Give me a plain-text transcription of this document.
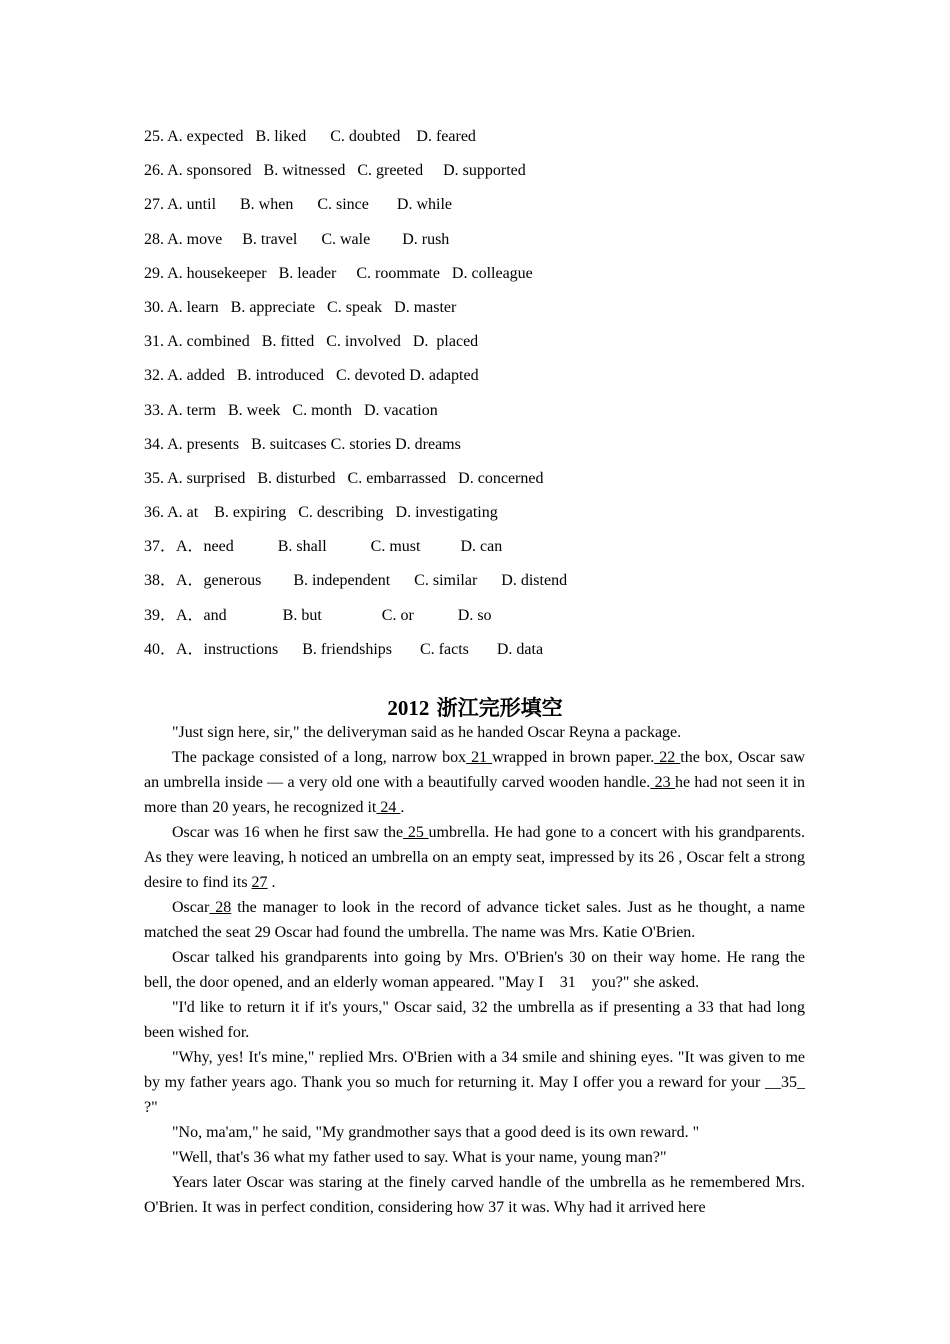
25. A. expected   B. liked      C. doubted    D. feared
26. A. sponsored   B. witnessed   C. greeted     D. supported
27. A. until      B. when      C. since       D. while
28. A. move     B. travel      C. wale        D. rush
29. A. housekeeper   B. leader     C. roommate   D. colleague
30. A. learn   B. appreciate   C. speak   D. master
31. A. combined   B. fitted   C. involved   D.  placed
32. A. added   B. introduced   C. devoted D. adapted
33. A. term   B. week   C. month   D. vacation
34. A. presents   B. suitcases C. stories D. dreams
35. A. surprised   B. disturbed   C. embarrassed   D. concerned
36. A. at    B. expiring   C. describing   D. investigating
37．A．need           B. shall           C. must          D. can
38．A．generous        B. independent      C. similar      D. distend
39．A．and              B. but               C. or           D. so
40．A．instructions      B. friendships       C. facts       D. data
2012 浙江完形填空

"Just sign here, sir," the deliveryman said as he handed Oscar Reyna a package.

The package consisted of a long, narrow box 21 wrapped in brown paper. 22 the box, Oscar saw an umbrella inside — a very old one with a beautifully carved wooden handle. 23 he had not seen it in more than 20 years, he recognized it 24 .

Oscar was 16 when he first saw the 25 umbrella. He had gone to a concert with his grandparents. As they were leaving, h noticed an umbrella on an empty seat, impressed by its 26 , Oscar felt a strong desire to find its 27 .

Oscar 28 the manager to look in the record of advance ticket sales. Just as he thought, a name matched the seat 29 Oscar had found the umbrella. The name was Mrs. Katie O'Brien.

Oscar talked his grandparents into going by Mrs. O'Brien's 30 on their way home. He rang the bell, the door opened, and an elderly woman appeared. "May I    31    you?" she asked.

"I'd like to return it if it's yours," Oscar said, 32 the umbrella as if presenting a 33 that had long been wished for.

"Why, yes! It's mine," replied Mrs. O'Brien with a 34 smile and shining eyes. "It was given to me by my father years ago. Thank you so much for returning it. May I offer you a reward for your __35_ ?"

"No, ma'am," he said, "My grandmother says that a good deed is its own reward. "

"Well, that's 36 what my father used to say. What is your name, young man?"

Years later Oscar was staring at the finely carved handle of the umbrella as he remembered Mrs. O'Brien. It was in perfect condition, considering how 37 it was. Why had it arrived here
